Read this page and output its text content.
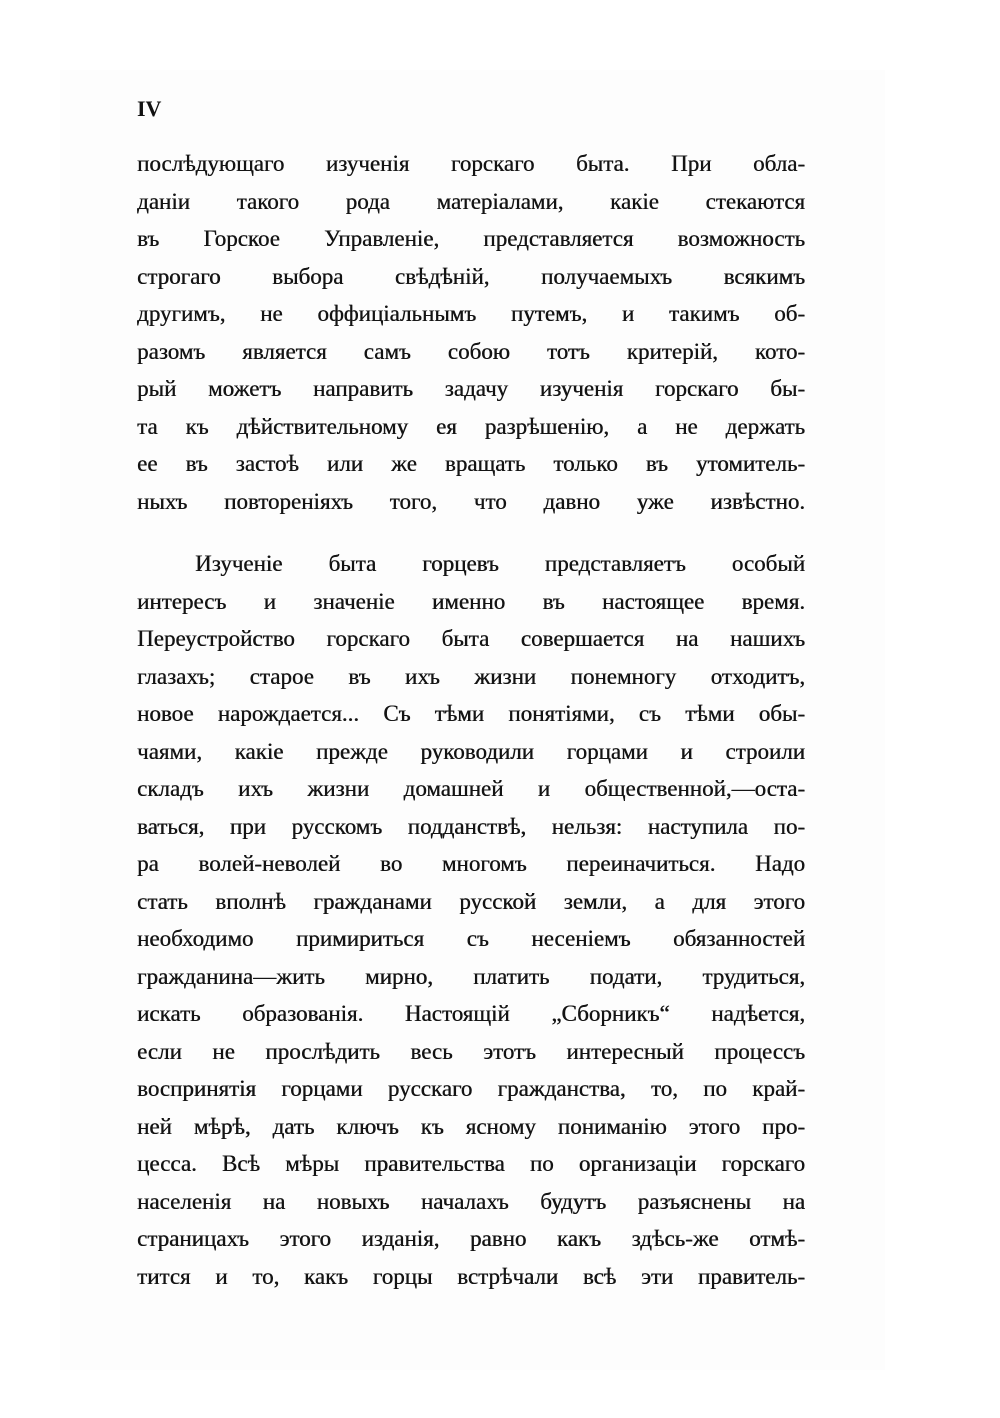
IV
послѣдующаго изученія горскаго быта. При обла-
даніи такого рода матеріалами, какіе стекаются
въ Горское Управленіе, представляется возможность
строгаго выбора свѣдѣній, получаемыхъ всякимъ
другимъ, не оффиціальнымъ путемъ, и такимъ об-
разомъ является самъ собою тотъ критерій, кото-
рый можетъ направить задачу изученія горскаго бы-
та къ дѣйствительному ея разрѣшенію, а не держать
ее въ застоѣ или же вращать только въ утомитель-
ныхъ повтореніяхъ того, что давно уже извѣстно.
Изученіе быта горцевъ представляетъ особый
интересъ и значеніе именно въ настоящее время.
Переустройство горскаго быта совершается на нашихъ
глазахъ; старое въ ихъ жизни понемногу отходитъ,
новое нарождается... Съ тѣми понятіями, съ тѣми обы-
чаями, какіе прежде руководили горцами и строили
складъ ихъ жизни домашней и общественной,—оста-
ваться, при русскомъ подданствѣ, нельзя: наступила по-
ра волей-неволей во многомъ переиначиться. Надо
стать вполнѣ гражданами русской земли, а для этого
необходимо примириться съ несеніемъ обязанностей
гражданина—жить мирно, платить подати, трудиться,
искать образованія. Настоящій „Сборникъ“ надѣется,
если не прослѣдить весь этотъ интересный процессъ
воспринятія горцами русскаго гражданства, то, по край-
ней мѣрѣ, дать ключъ къ ясному пониманію этого про-
цесса. Всѣ мѣры правительства по организаціи горскаго
населенія на новыхъ началахъ будутъ разъяснены на
страницахъ этого изданія, равно какъ здѣсь-же отмѣ-
тится и то, какъ горцы встрѣчали всѣ эти правитель-
